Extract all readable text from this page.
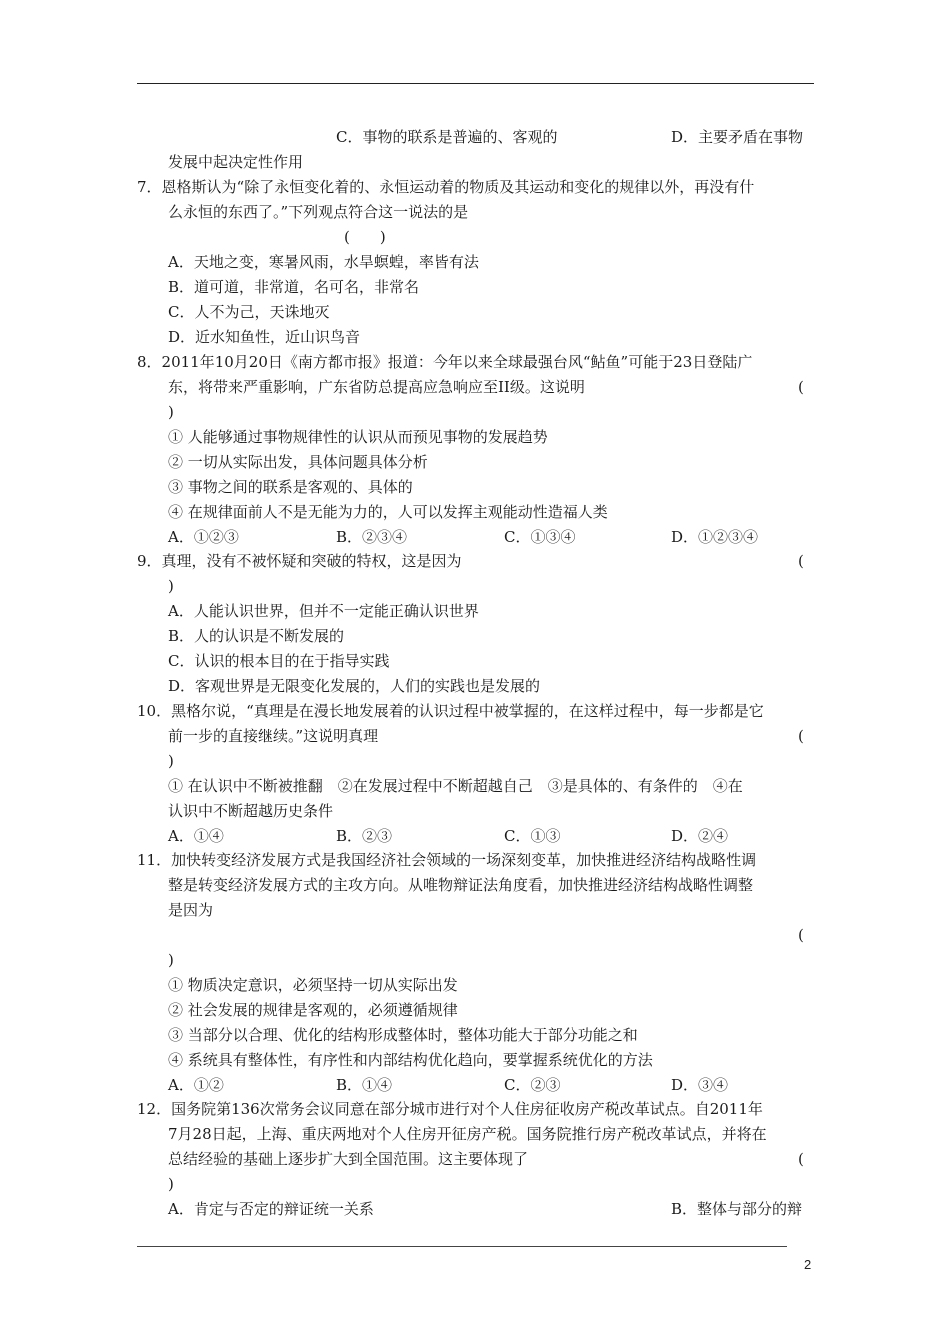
C．事物的联系是普遍的、客观的	D．主要矛盾在事物
发展中起决定性作用
7．恩格斯认为“除了永恒变化着的、永恒运动着的物质及其运动和变化的规律以外，再没有什
么永恒的东西了。”下列观点符合这一说法的是
(　　)
A．天地之变，寒暑风雨，水旱螟蝗，率皆有法
B．道可道，非常道，名可名，非常名
C．人不为己，天诛地灭
D．近水知鱼性，近山识鸟音
8．2011年10月20日《南方都市报》报道：今年以来全球最强台风“鲇鱼”可能于23日登陆广
东，将带来严重影响，广东省防总提高应急响应至II级。这说明	(
)
① 人能够通过事物规律性的认识从而预见事物的发展趋势
② 一切从实际出发，具体问题具体分析
③ 事物之间的联系是客观的、具体的
④ 在规律面前人不是无能为力的，人可以发挥主观能动性造福人类
A．①②③	B．②③④	C．①③④	D．①②③④
9．真理，没有不被怀疑和突破的特权，这是因为	(
)
A．人能认识世界，但并不一定能正确认识世界
B．人的认识是不断发展的
C．认识的根本目的在于指导实践
D．客观世界是无限变化发展的，人们的实践也是发展的
10．黑格尔说，“真理是在漫长地发展着的认识过程中被掌握的，在这样过程中，每一步都是它
前一步的直接继续。”这说明真理	(
)
① 在认识中不断被推翻　②在发展过程中不断超越自己　③是具体的、有条件的　④在
认识中不断超越历史条件
A．①④	B．②③	C．①③	D．②④
11．加快转变经济发展方式是我国经济社会领域的一场深刻变革，加快推进经济结构战略性调
整是转变经济发展方式的主攻方向。从唯物辩证法角度看，加快推进经济结构战略性调整
是因为
(
)
① 物质决定意识，必须坚持一切从实际出发
② 社会发展的规律是客观的，必须遵循规律
③ 当部分以合理、优化的结构形成整体时，整体功能大于部分功能之和
④ 系统具有整体性，有序性和内部结构优化趋向，要掌握系统优化的方法
A．①②	B．①④	C．②③	D．③④
12．国务院第136次常务会议同意在部分城市进行对个人住房征收房产税改革试点。自2011年
7月28日起，上海、重庆两地对个人住房开征房产税。国务院推行房产税改革试点，并将在
总结经验的基础上逐步扩大到全国范围。这主要体现了	(
)
A．肯定与否定的辩证统一关系	B．整体与部分的辩
2
